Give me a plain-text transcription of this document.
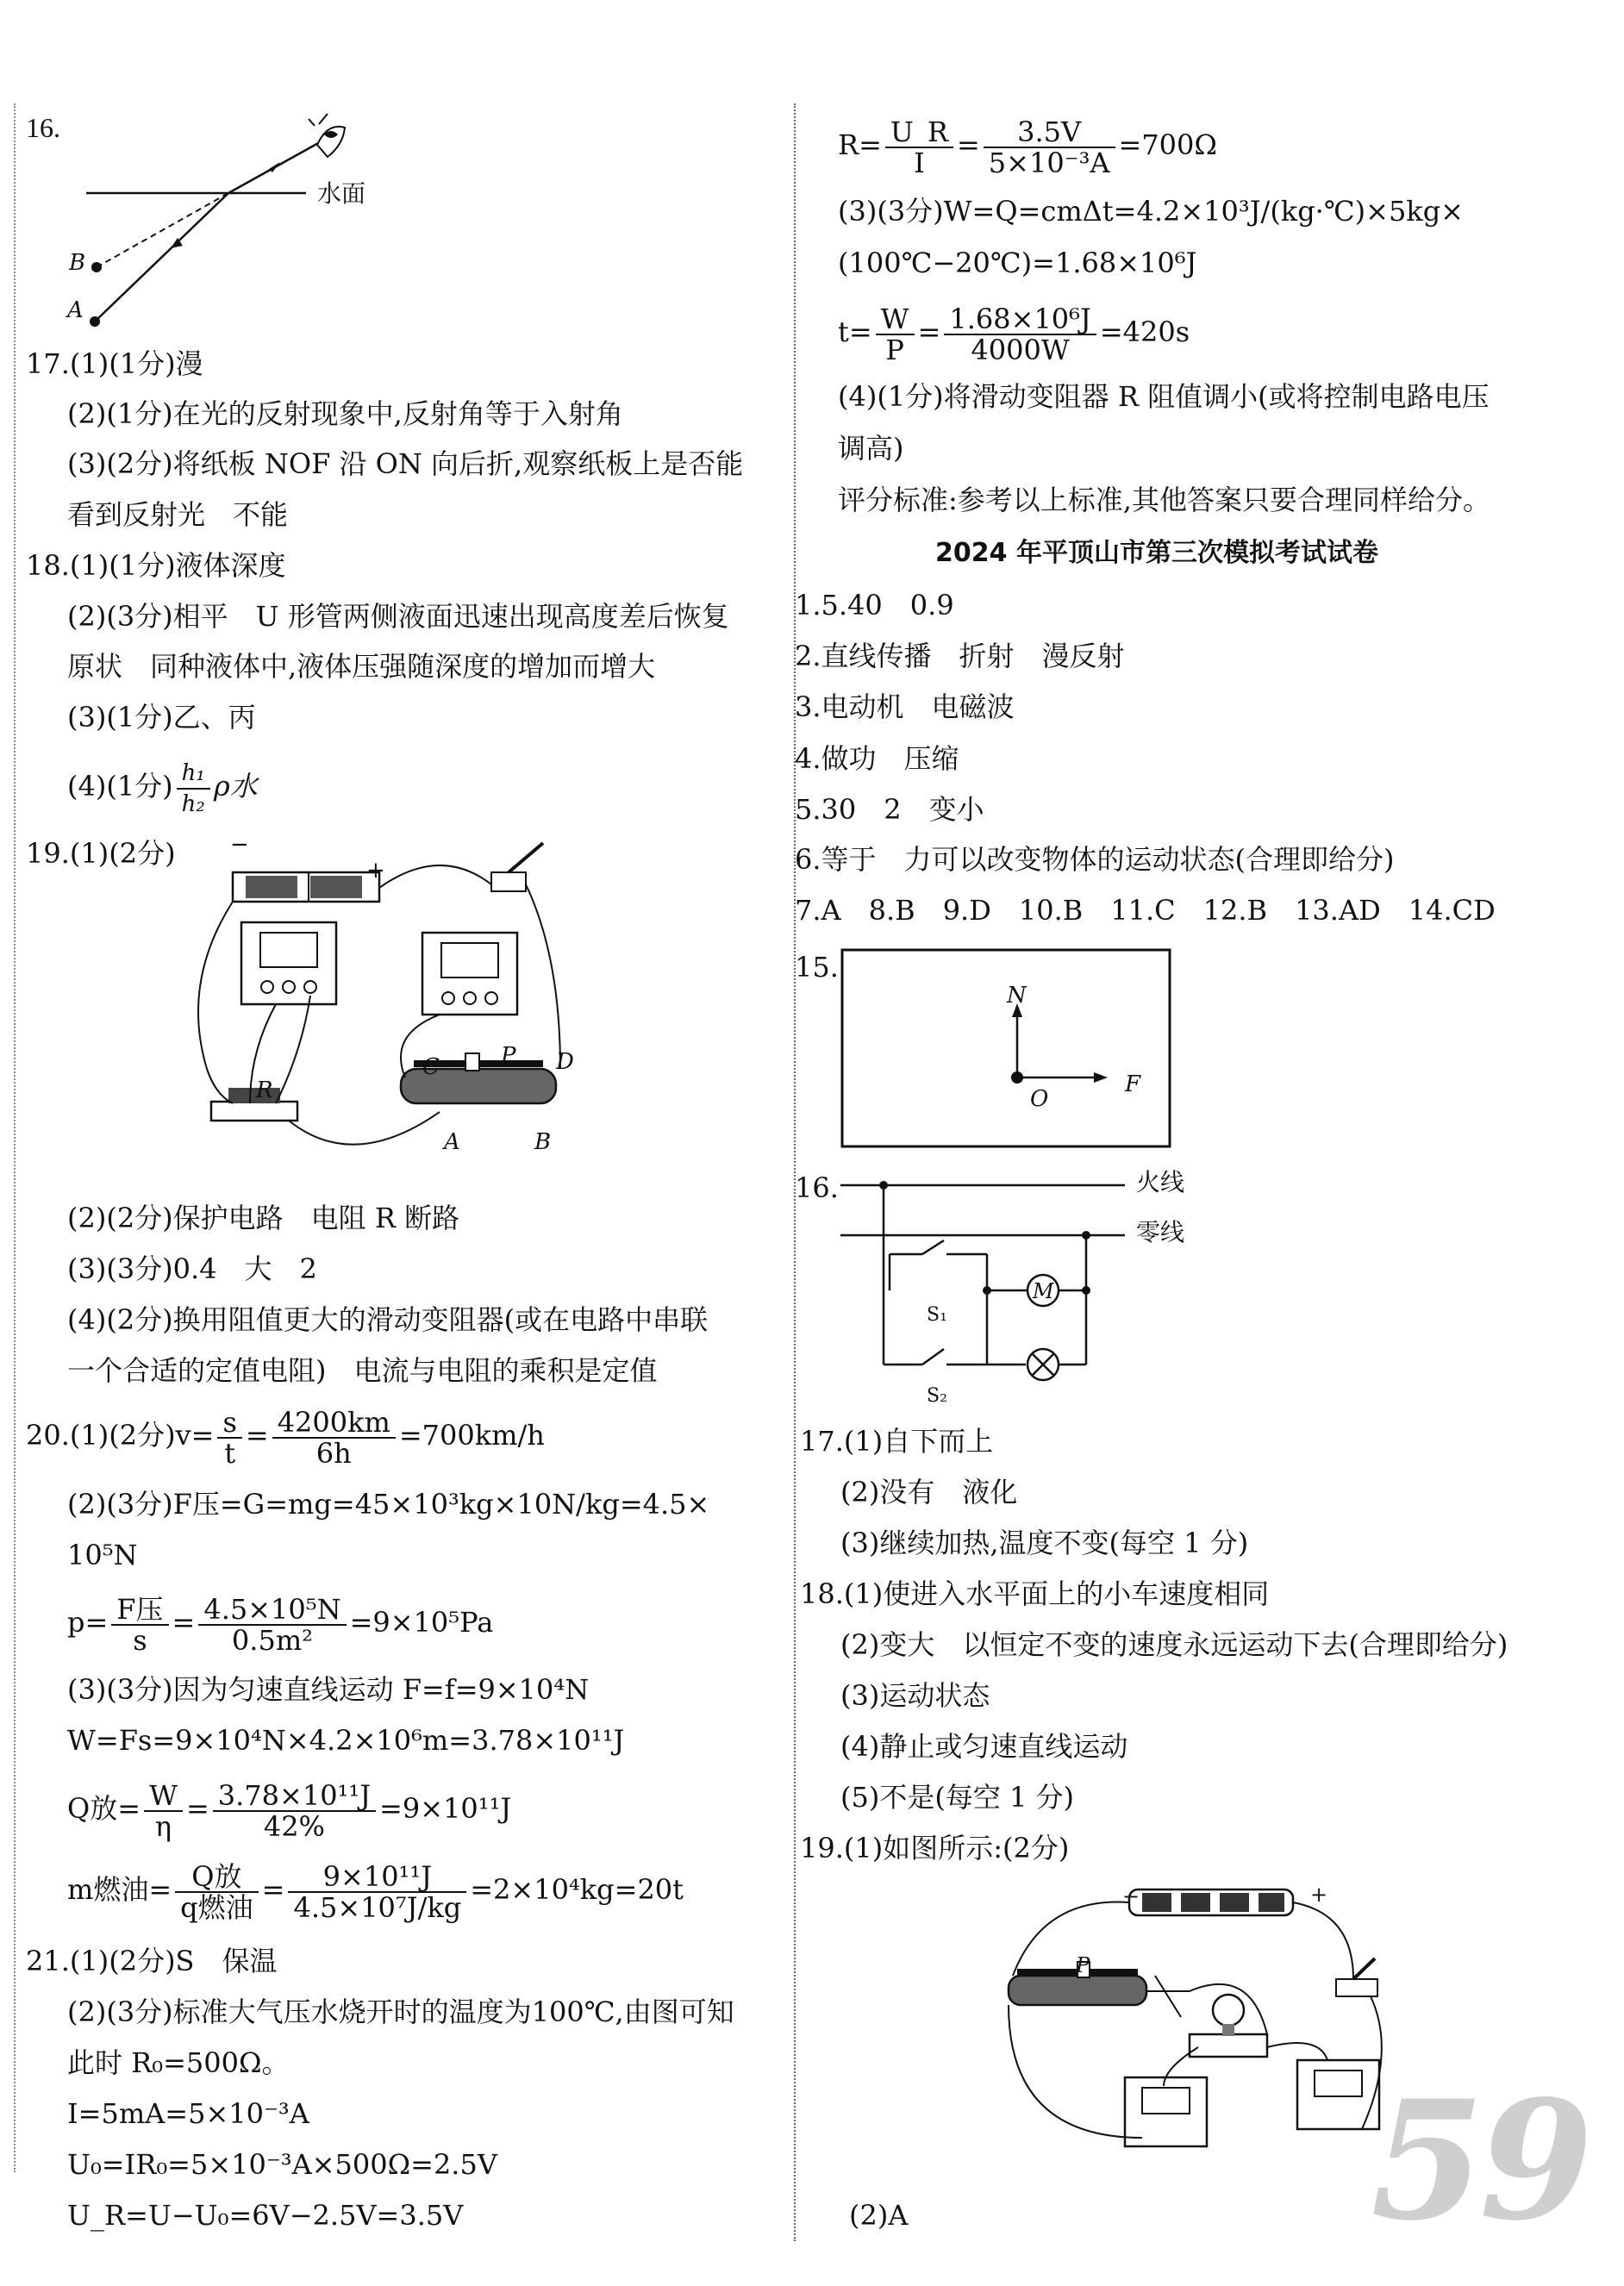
16.
水面
B
A
17.(1)(1分)漫
(2)(1分)在光的反射现象中,反射角等于入射角
(3)(2分)将纸板 NOF 沿 ON 向后折,观察纸板上是否能
看到反射光　不能
18.(1)(1分)液体深度
(2)(3分)相平　U 形管两侧液面迅速出现高度差后恢复
原状　同种液体中,液体压强随深度的增加而增大
(3)(1分)乙、丙
(4)(1分) $\frac{\text{h₁}}{\text{h₂}}$ ρ水
19.(1)(2分) −
+
R
C	P D
A	B
(2)(2分)保护电路　电阻 R 断路
(3)(3分)0.4　大　2
(4)(2分)换用阻值更大的滑动变阻器(或在电路中串联
一个合适的定值电阻)　电流与电阻的乘积是定值
20.(1)(2分)$v= \frac{s}{t} = \frac{4200km}{6h} =700km/h$
(2)(3分)F压=G=mg=45×10³kg×10N/kg=4.5×
10⁵N
$p= \frac{\text{F压}}{s} = \frac{\text{4.5×10⁵N}}{\text{0.5m²}} =9\times 10^5Pa$
(3)(3分)因为匀速直线运动 F=f=9×10⁴N
W=Fs=9×10⁴N×4.2×10⁶m=3.78×10¹¹J
Q放= $\frac{W}{\eta} = \frac{\text{3.78×10¹¹J}}{42\%} =9\times 10^{11}J$
m燃油= $\frac{\text{Q放}}{\text{q燃油}} = \frac{\text{9×10¹¹J}}{\text{4.5×10⁷J/kg}} =2\times 10^4kg=20t$
21.(1)(2分)S　保温
(2)(3分)标准大气压水烧开时的温度为100℃,由图可知
此时 R₀=500Ω。
I=5mA=5×10⁻³A
U₀=IR₀=5×10⁻³A×500Ω=2.5V
U_R=U−U₀=6V−2.5V=3.5V
$R= \frac{U\_R}{I} = \frac{3.5V}{\text{5×10⁻³A}} =700\Omega$
(3)(3分)W=Q=cmΔt=4.2×10³J/(kg·℃)×5kg×
(100℃−20℃)=1.68×10⁶J
$t= \frac{W}{P} = \frac{\text{1.68×10⁶J}}{4000W} =420s$
(4)(1分)将滑动变阻器 R 阻值调小(或将控制电路电压
调高)
评分标准:参考以上标准,其他答案只要合理同样给分。
2024 年平顶山市第三次模拟考试试卷
1.5.40　0.9
2.直线传播　折射　漫反射
3.电动机　电磁波
4.做功　压缩
5.30　2　变小
6.等于　力可以改变物体的运动状态(合理即给分)
7.A　8.B　9.D　10.B　11.C　12.B　13.AD　14.CD
15.
N
O
F
16.	火线
零线
M
S₁
S₂
17.(1)自下而上
(2)没有　液化
(3)继续加热,温度不变(每空 1 分)
18.(1)使进入水平面上的小车速度相同
(2)变大　以恒定不变的速度永远运动下去(合理即给分)
(3)运动状态
(4)静止或匀速直线运动
(5)不是(每空 1 分)
19.(1)如图所示:(2分)
P
−	+
(2)A	59
